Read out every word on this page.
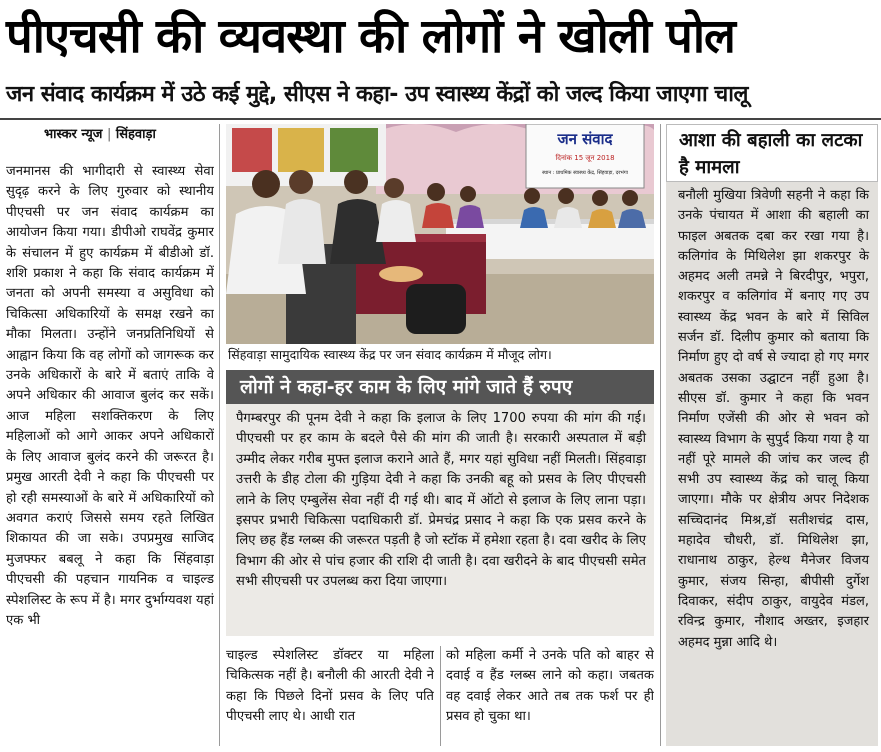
पीएचसी की व्यवस्था की लोगों ने खोली पोल
जन संवाद कार्यक्रम में उठे कई मुद्दे, सीएस ने कहा- उप स्वास्थ्य केंद्रों को जल्द किया जाएगा चालू
भास्कर न्यूज | सिंहवाड़ा
जनमानस की भागीदारी से स्वास्थ्य सेवा सुदृढ़ करने के लिए गुरुवार को स्थानीय पीएचसी पर जन संवाद कार्यक्रम का आयोजन किया गया। डीपीओ राघवेंद्र कुमार के संचालन में हुए कार्यक्रम में बीडीओ डॉ. शशि प्रकाश ने कहा कि संवाद कार्यक्रम में जनता को अपनी समस्या व असुविधा को चिकित्सा अधिकारियों के समक्ष रखने का मौका मिलता। उन्होंने जनप्रतिनिधियों से आह्वान किया कि वह लोगों को जागरूक कर उनके अधिकारों के बारे में बताएं ताकि वे अपने अधिकार की आवाज बुलंद कर सकें। आज महिला सशक्तिकरण के लिए महिलाओं को आगे आकर अपने अधिकारों के लिए आवाज बुलंद करने की जरूरत है। प्रमुख आरती देवी ने कहा कि पीएचसी पर हो रही समस्याओं के बारे में अधिकारियों को अवगत कराएं जिससे समय रहते लिखित शिकायत की जा सके। उपप्रमुख साजिद मुजफ्फर बबलू ने कहा कि सिंहवाड़ा पीएचसी की पहचान गायनिक व चाइल्ड स्पेशलिस्ट के रूप में है। मगर दुर्भाग्यवश यहां एक भी
जन संवाद
दिनांक 15 जून 2018
स्थान : प्राथमिक स्वास्थ्य केंद्र, सिंहवाड़ा, दरभंगा
सिंहवाड़ा सामुदायिक स्वास्थ्य केंद्र पर जन संवाद कार्यक्रम में मौजूद लोग।
लोगों ने कहा-हर काम के लिए मांगे जाते हैं रुपए
पैगम्बरपुर की पूनम देवी ने कहा कि इलाज के लिए 1700 रुपया की मांग की गई। पीएचसी पर हर काम के बदले पैसे की मांग की जाती है। सरकारी अस्पताल में बड़ी उम्मीद लेकर गरीब मुफ्त इलाज कराने आते हैं, मगर यहां सुविधा नहीं मिलती। सिंहवाड़ा उत्तरी के डीह टोला की गुड़िया देवी ने कहा कि उनकी बहू को प्रसव के लिए पीएचसी लाने के लिए एम्बुलेंस सेवा नहीं दी गई थी। बाद में ऑटो से इलाज के लिए लाना पड़ा। इसपर प्रभारी चिकित्सा पदाधिकारी डॉ. प्रेमचंद्र प्रसाद ने कहा कि एक प्रसव करने के लिए छह हैंड ग्लब्स की जरूरत पड़ती है जो स्टॉक में हमेशा रहता है। दवा खरीद के लिए विभाग की ओर से पांच हजार की राशि दी जाती है। दवा खरीदने के बाद पीएचसी समेत सभी सीएचसी पर उपलब्ध करा दिया जाएगा।
चाइल्ड स्पेशलिस्ट डॉक्टर या महिला चिकित्सक नहीं है। बनौली की आरती देवी ने कहा कि पिछले दिनों प्रसव के लिए पति पीएचसी लाए थे। आधी रात
को महिला कर्मी ने उनके पति को बाहर से दवाई व हैंड ग्लब्स लाने को कहा। जबतक वह दवाई लेकर आते तब तक फर्श पर ही प्रसव हो चुका था।
आशा की बहाली का लटका है मामला
बनौली मुखिया त्रिवेणी सहनी ने कहा कि उनके पंचायत में आशा की बहाली का फाइल अबतक दबा कर रखा गया है। कलिगांव के मिथिलेश झा शकरपुर के अहमद अली तमन्ने ने बिरदीपुर, भपुरा, शकरपुर व कलिगांव में बनाए गए उप स्वास्थ्य केंद्र भवन के बारे में सिविल सर्जन डॉ. दिलीप कुमार को बताया कि निर्माण हुए दो वर्ष से ज्यादा हो गए मगर अबतक उसका उद्घाटन नहीं हुआ है। सीएस डॉ. कुमार ने कहा कि भवन निर्माण एजेंसी की ओर से भवन को स्वास्थ्य विभाग के सुपुर्द किया गया है या नहीं पूरे मामले की जांच कर जल्द ही सभी उप स्वास्थ्य केंद्र को चालू किया जाएगा। मौके पर क्षेत्रीय अपर निदेशक सच्चिदानंद मिश्र,डॉ सतीशचंद्र दास, महादेव चौधरी, डॉ. मिथिलेश झा, राधानाथ ठाकुर, हेल्थ मैनेजर विजय कुमार, संजय सिन्हा, बीपीसी दुर्गेश दिवाकर, संदीप ठाकुर, वायुदेव मंडल, रविन्द्र कुमार, नौशाद अख्तर, इजहार अहमद मुन्ना आदि थे।
